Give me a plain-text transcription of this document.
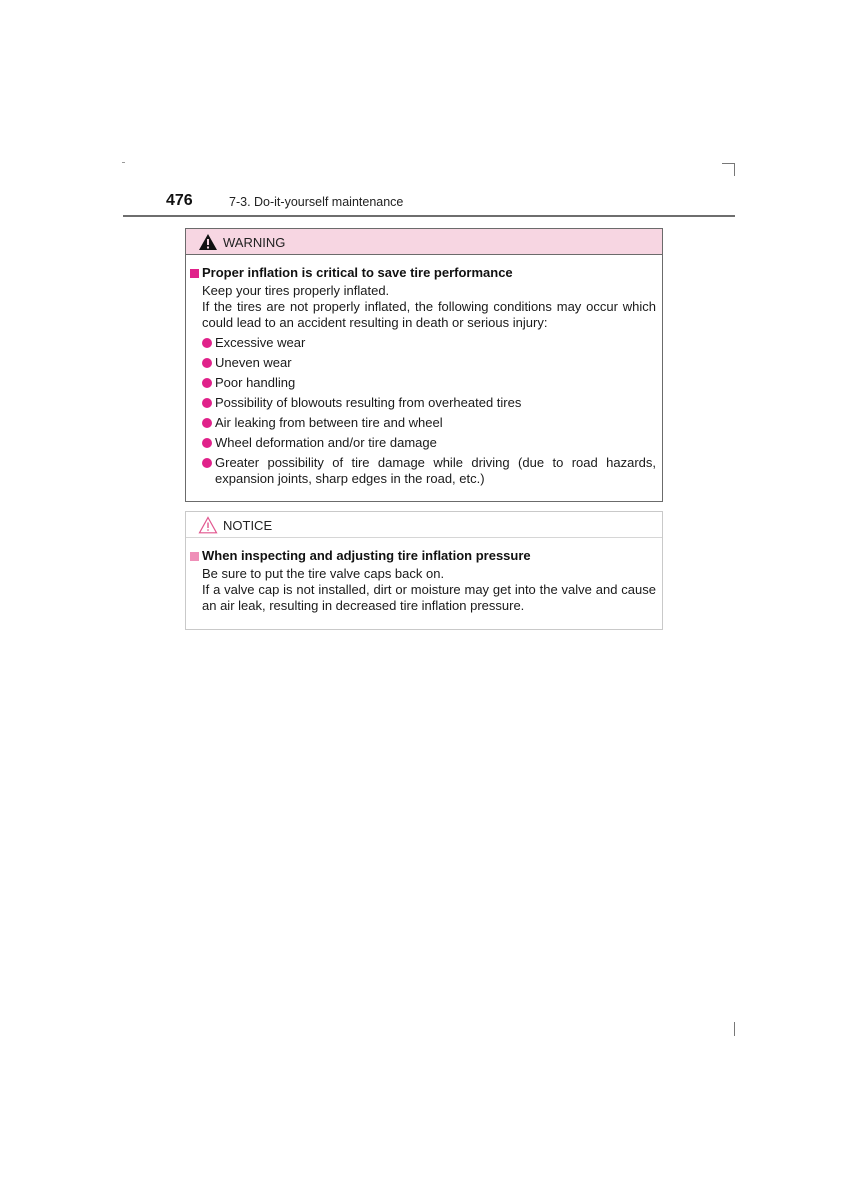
476	7-3. Do-it-yourself maintenance
WARNING
Proper inflation is critical to save tire performance
Keep your tires properly inflated.
If the tires are not properly inflated, the following conditions may occur which could lead to an accident resulting in death or serious injury:
Excessive wear
Uneven wear
Poor handling
Possibility of blowouts resulting from overheated tires
Air leaking from between tire and wheel
Wheel deformation and/or tire damage
Greater possibility of tire damage while driving (due to road hazards, expansion joints, sharp edges in the road, etc.)
NOTICE
When inspecting and adjusting tire inflation pressure
Be sure to put the tire valve caps back on.
If a valve cap is not installed, dirt or moisture may get into the valve and cause an air leak, resulting in decreased tire inflation pressure.
